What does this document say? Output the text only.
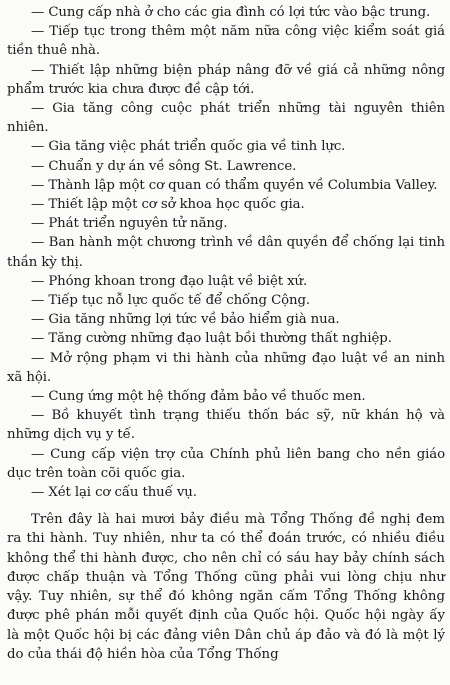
— Cung cấp nhà ở cho các gia đình có lợi tức vào bậc trung.

— Tiếp tục trong thêm một năm nữa công việc kiểm soát giá tiền thuê nhà.

— Thiết lập những biện pháp nâng đỡ về giá cả những nông phẩm trước kia chưa được đề cập tới.

— Gia tăng công cuộc phát triển những tài nguyên thiên nhiên.

— Gia tăng việc phát triển quốc gia về tinh lực.

— Chuẩn y dự án về sông St. Lawrence.

— Thành lập một cơ quan có thẩm quyền về Columbia Valley.

— Thiết lập một cơ sở khoa học quốc gia.

— Phát triển nguyên tử năng.

— Ban hành một chương trình về dân quyền để chống lại tinh thần kỳ thị.

— Phóng khoan trong đạo luật về biệt xứ.

— Tiếp tục nỗ lực quốc tế để chống Cộng.

— Gia tăng những lợi tức về bảo hiểm già nua.

— Tăng cường những đạo luật bồi thường thất nghiệp.

— Mở rộng phạm vi thi hành của những đạo luật về an ninh xã hội.

— Cung ứng một hệ thống đảm bảo về thuốc men.

— Bồ khuyết tình trạng thiếu thốn bác sỹ, nữ khán hộ và những dịch vụ y tế.

— Cung cấp viện trợ của Chính phủ liên bang cho nền giáo dục trên toàn cõi quốc gia.

— Xét lại cơ cấu thuế vụ.

Trên đây là hai mươi bảy điều mà Tổng Thống đề nghị đem ra thi hành. Tuy nhiên, như ta có thể đoán trước, có nhiều điều không thể thi hành được, cho nên chỉ có sáu hay bảy chính sách được chấp thuận và Tổng Thống cũng phải vui lòng chịu như vậy. Tuy nhiên, sự thể đó không ngăn cấm Tổng Thống không được phê phán mỗi quyết định của Quốc hội. Quốc hội ngày ấy là một Quốc hội bị các đảng viên Dân chủ áp đảo và đó là một lý do của thái độ hiền hòa của Tổng Thống
